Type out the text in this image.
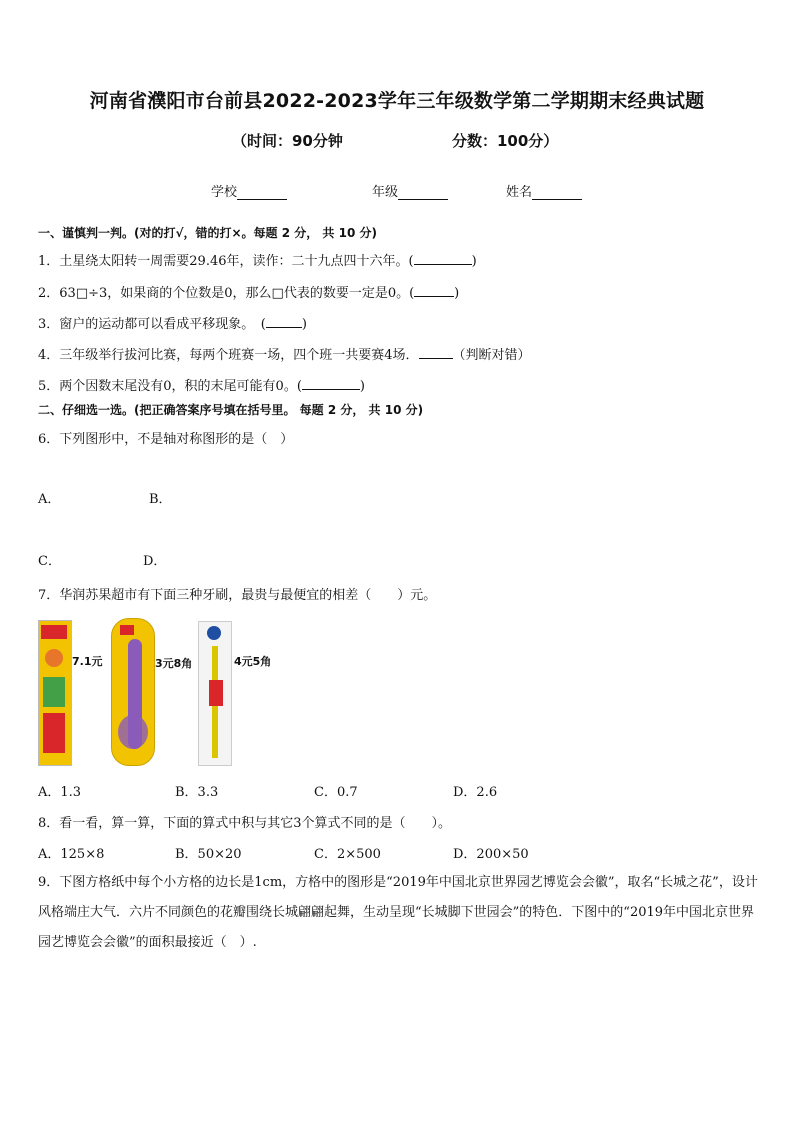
河南省濮阳市台前县2022-2023学年三年级数学第二学期期末经典试题
（时间：90分钟	分数：100分）
学校	年级	姓名
一、谨慎判一判。(对的打√，错的打×。每题 2 分， 共 10 分)
1．土星绕太阳转一周需要29.46年，读作：二十九点四十六年。(	)
2．63□÷3，如果商的个位数是0，那么□代表的数要一定是0。(	)
3．窗户的运动都可以看成平移现象。　(	)
4．三年级举行拔河比赛，每两个班赛一场，四个班一共要赛4场．	（判断对错）
5．两个因数末尾没有0，积的末尾可能有0。(	)
二、仔细选一选。(把正确答案序号填在括号里。 每题 2 分， 共 10 分)
6．下列图形中，不是轴对称图形的是（　）
A．	B．
C．	D．
7．华润苏果超市有下面三种牙刷，最贵与最便宜的相差（　　）元。
7.1元	3元8角	4元5角
A．1.3	B．3.3	C．0.7	D．2.6
8．看一看，算一算，下面的算式中积与其它3个算式不同的是（　　）。
A．125×8	B．50×20	C．2×500	D．200×50
9．下图方格纸中每个小方格的边长是1cm，方格中的图形是“2019年中国北京世界园艺博览会会徽”，取名“长城之花”，设计风格端庄大气．六片不同颜色的花瓣围绕长城翩翩起舞，生动呈现“长城脚下世园会”的特色．下图中的“2019年中国北京世界园艺博览会会徽”的面积最接近（　）.
